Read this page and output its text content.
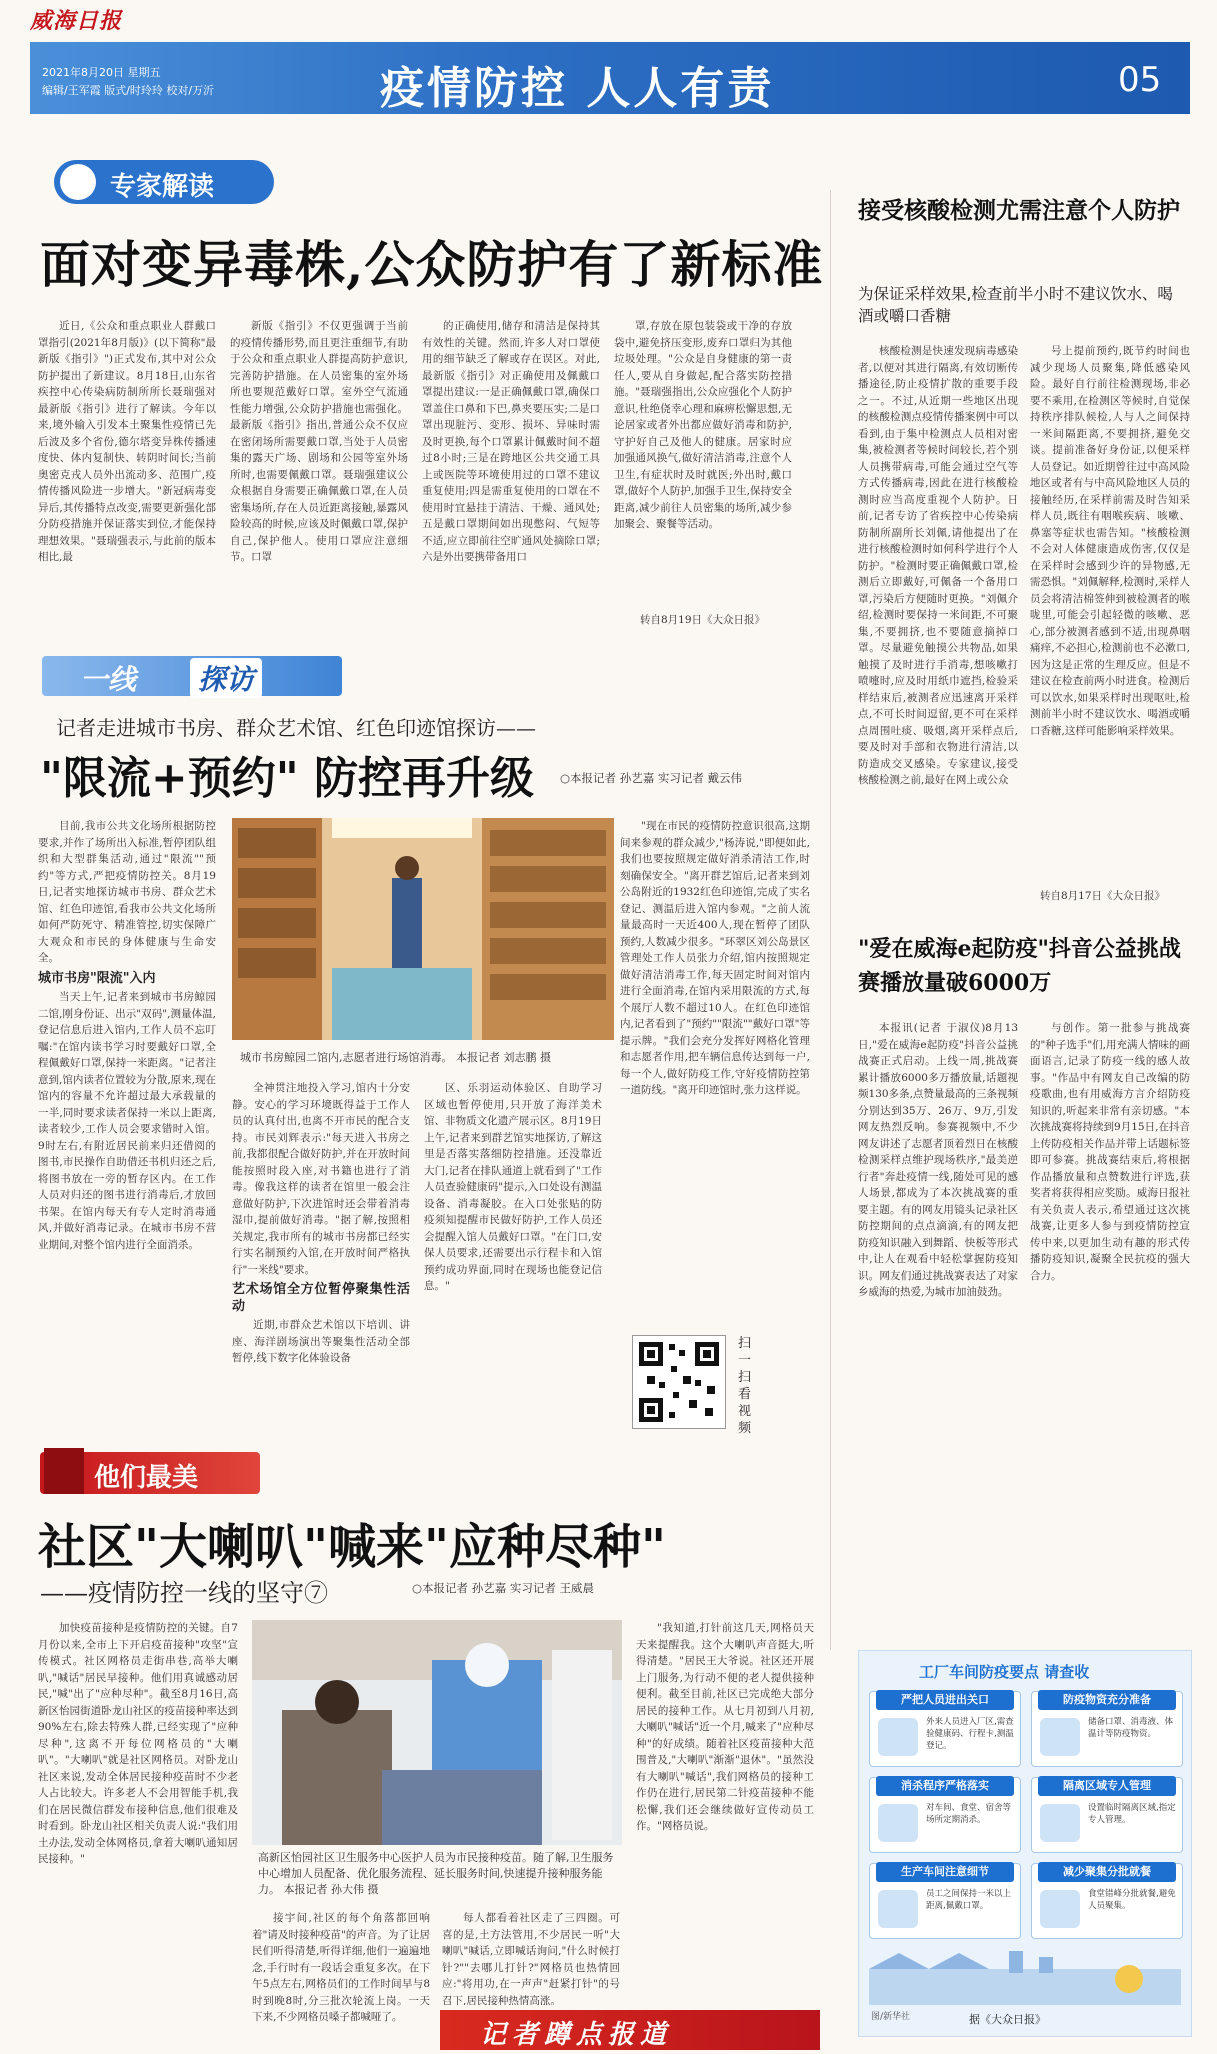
威海日报
2021年8月20日 星期五
编辑/王军霞 版式/时玲玲 校对/万沂	疫情防控 人人有责	05
专家解读
面对变异毒株,公众防护有了新标准

近日,《公众和重点职业人群戴口罩指引(2021年8月版)》(以下简称"最新版《指引》")正式发布,其中对公众防护提出了新建议。8月18日,山东省疾控中心传染病防制所所长聂瑞强对最新版《指引》进行了解读。今年以来,境外输入引发本土聚集性疫情已先后波及多个省份,德尔塔变异株传播速度快、体内复制快、转阴时间长;当前奥密克戎人员外出流动多、范围广,疫情传播风险进一步增大。"新冠病毒变异后,其传播特点改变,需要更新强化部分防疫措施并保证落实到位,才能保持理想效果。"聂瑞强表示,与此前的版本相比,最

新版《指引》不仅更强调于当前的疫情传播形势,而且更注重细节,有助于公众和重点职业人群提高防护意识,完善防护措施。在人员密集的室外场所也要规范戴好口罩。室外空气流通性能力增强,公众防护措施也需强化。最新版《指引》指出,普通公众不仅应在密闭场所需要戴口罩,当处于人员密集的露天广场、剧场和公园等室外场所时,也需要佩戴口罩。聂瑞强建议公众根据自身需要正确佩戴口罩,在人员密集场所,存在人员近距离接触,暴露风险较高的时候,应该及时佩戴口罩,保护自己,保护他人。使用口罩应注意细节。口罩

的正确使用,储存和清洁是保持其有效性的关键。然而,许多人对口罩使用的细节缺乏了解或存在误区。对此,最新版《指引》对正确使用及佩戴口罩提出建议:一是正确佩戴口罩,确保口罩盖住口鼻和下巴,鼻夹要压实;二是口罩出现脏污、变形、损坏、异味时需及时更换,每个口罩累计佩戴时间不超过8小时;三是在跨地区公共交通工具上或医院等环境使用过的口罩不建议重复使用;四是需重复使用的口罩在不使用时宜悬挂于清洁、干燥、通风处;五是戴口罩期间如出现憋闷、气短等不适,应立即前往空旷通风处摘除口罩;六是外出要携带备用口

罩,存放在原包装袋或干净的存放袋中,避免挤压变形,废弃口罩归为其他垃圾处理。"公众是自身健康的第一责任人,要从自身做起,配合落实防控措施。"聂瑞强指出,公众应强化个人防护意识,杜绝侥幸心理和麻痹松懈思想,无论居家或者外出都应做好消毒和防护,守护好自己及他人的健康。居家时应加强通风换气,做好清洁消毒,注意个人卫生,有症状时及时就医;外出时,戴口罩,做好个人防护,加强手卫生,保持安全距离,减少前往人员密集的场所,减少参加聚会、聚餐等活动。

转自8月19日《大众日报》
接受核酸检测尤需注意个人防护
为保证采样效果,检查前半小时不建议饮水、喝酒或嚼口香糖

核酸检测是快速发现病毒感染者,以便对其进行隔离,有效切断传播途径,防止疫情扩散的重要手段之一。不过,从近期一些地区出现的核酸检测点疫情传播案例中可以看到,由于集中检测点人员相对密集,被检测者等候时间较长,若个别人员携带病毒,可能会通过空气等方式传播病毒,因此在进行核酸检测时应当高度重视个人防护。日前,记者专访了省疾控中心传染病防制所副所长刘佩,请他提出了在进行核酸检测时如何科学进行个人防护。"检测时要正确佩戴口罩,检测后立即戴好,可佩备一个备用口罩,污染后方便随时更换。"刘佩介绍,检测时要保持一米间距,不可聚集,不要拥挤,也不要随意摘掉口罩。尽量避免触摸公共物品,如果触摸了及时进行手消毒,想咳嗽打喷嚏时,应及时用纸巾遮挡,检验采样结束后,被测者应迅速离开采样点,不可长时间逗留,更不可在采样点周围吐痰、吸烟,离开采样点后,要及时对手部和衣物进行清洁,以防造成交叉感染。专家建议,接受核酸检测之前,最好在网上或公众

号上提前预约,既节约时间也减少现场人员聚集,降低感染风险。最好自行前往检测现场,非必要不乘用,在检测区等候时,自觉保持秩序排队候检,人与人之间保持一米间隔距离,不要拥挤,避免交谈。提前准备好身份证,以便采样人员登记。如近期曾往过中高风险地区或者有与中高风险地区人员的接触经历,在采样前需及时告知采样人员,既往有咽喉疾病、咳嗽、鼻塞等症状也需告知。"核酸检测不会对人体健康造成伤害,仅仅是在采样时会感到少许的异物感,无需恐惧。"刘佩解释,检测时,采样人员会将清洁棉签伸到被检测者的喉咙里,可能会引起轻微的咳嗽、恶心,部分被测者感到不适,出现鼻咽痛痒,不必担心,检测前也不必漱口,因为这是正常的生理反应。但是不建议在检查前两小时进食。检测后可以饮水,如果采样时出现呕吐,检测前半小时不建议饮水、喝酒或嚼口香糖,这样可能影响采样效果。

转自8月17日《大众日报》
"爱在威海e起防疫"抖音公益挑战赛播放量破6000万

本报讯(记者 于淑仪)8月13日,"爱在威海e起防疫"抖音公益挑战赛正式启动。上线一周,挑战赛累计播放6000多万播放量,话题视频130多条,点赞量最高的三条视频分别达到35万、26万、9万,引发网友热烈反响。参赛视频中,不少网友讲述了志愿者顶着烈日在核酸检测采样点维护现场秩序,"最美逆行者"奔赴疫情一线,随处可见的感人场景,都成为了本次挑战赛的重要主题。有的网友用镜头记录社区防控期间的点点滴滴,有的网友把防疫知识融入到舞蹈、快板等形式中,让人在观看中轻松掌握防疫知识。网友们通过挑战赛表达了对家乡威海的热爱,为城市加油鼓劲。

与创作。第一批参与挑战赛的"种子选手"们,用充满人情味的画面语言,记录了防疫一线的感人故事。"作品中有网友自己改编的防疫歌曲,也有用威海方言介绍防疫知识的,听起来非常有亲切感。"本次挑战赛将持续到9月15日,在抖音上传防疫相关作品并带上话题标签即可参赛。挑战赛结束后,将根据作品播放量和点赞数进行评选,获奖者将获得相应奖励。威海日报社有关负责人表示,希望通过这次挑战赛,让更多人参与到疫情防控宣传中来,以更加生动有趣的形式传播防疫知识,凝聚全民抗疫的强大合力。

一线 探访
记者走进城市书房、群众艺术馆、红色印迹馆探访——
"限流+预约" 防控再升级 ○本报记者 孙艺嘉 实习记者 戴云伟

目前,我市公共文化场所根据防控要求,并作了场所出入标准,暂停团队组织和大型群集活动,通过"限流""预约"等方式,严把疫情防控关。8月19日,记者实地探访城市书房、群众艺术馆、红色印迹馆,看我市公共文化场所如何严防死守、精准管控,切实保障广大观众和市民的身体健康与生命安全。

城市书房"限流"入内

当天上午,记者来到城市书房鲸园二馆,刚身份证、出示"双码",测量体温,登记信息后进入馆内,工作人员不忘叮嘱:"在馆内读书学习时要戴好口罩,全程佩戴好口罩,保持一米距离。"记者注意到,馆内读者位置较为分散,原来,现在馆内的容量不允许超过最大承载量的一半,同时要求读者保持一米以上距离,读者较少,工作人员会要求错时入馆。9时左右,有附近居民前来归还借阅的图书,市民操作自助借还书机归还之后,将图书放在一旁的暂存区内。在工作人员对归还的图书进行消毒后,才放回书架。在馆内每天有专人定时消毒通风,并做好消毒记录。在城市书房不营业期间,对整个馆内进行全面消杀。

城市书房鲸园二馆内,志愿者进行场馆消毒。 本报记者 刘志鹏 摄

全神贯注地投入学习,馆内十分安静。安心的学习环境既得益于工作人员的认真付出,也离不开市民的配合支持。市民刘辉表示:"每天进入书房之前,我都很配合做好防护,并在开放时间能按照时段入座,对书籍也进行了消毒。像我这样的读者在馆里一般会注意做好防护,下次进馆时还会带着消毒湿巾,提前做好消毒。"据了解,按照相关规定,我市所有的城市书房都已经实行实名制预约入馆,在开放时间严格执行"一米线"要求。

艺术场馆全方位暂停聚集性活动

近期,市群众艺术馆以下培训、讲座、海洋剧场演出等聚集性活动全部暂停,线下数字化体验设备

区、乐羽运动体验区、自助学习区域也暂停使用,只开放了海洋美术馆、非物质文化遗产展示区。8月19日上午,记者来到群艺馆实地探访,了解这里是否落实落细防控措施。还没靠近大门,记者在排队通道上就看到了"工作人员查验健康码"提示,入口处设有测温设备、消毒凝胶。在入口处张贴的防疫须知提醒市民做好防护,工作人员还会提醒入馆人员戴好口罩。"在门口,安保人员要求,还需要出示行程卡和入馆预约成功界面,同时在现场也能登记信息。"

"现在市民的疫情防控意识很高,这期间来参观的群众减少,"杨涛说,"即便如此,我们也要按照规定做好消杀清洁工作,时刻确保安全。"离开群艺馆后,记者来到刘公岛附近的1932红色印迹馆,完成了实名登记、测温后进入馆内参观。"之前人流量最高时一天近400人,现在暂停了团队预约,人数减少很多。"环翠区刘公岛景区管理处工作人员张力介绍,馆内按照规定做好清洁消毒工作,每天固定时间对馆内进行全面消毒,在馆内采用限流的方式,每个展厅人数不超过10人。在红色印迹馆内,记者看到了"预约""限流""戴好口罩"等提示牌。"我们会充分发挥好网格化管理和志愿者作用,把车辆信息传达到每一户,每一个人,做好防疫工作,守好疫情防控第一道防线。"离开印迹馆时,张力这样说。

扫一扫看视频
他们最美
社区"大喇叭"喊来"应种尽种"
——疫情防控一线的坚守⑦	○本报记者 孙艺嘉 实习记者 王威晨

加快疫苗接种是疫情防控的关键。自7月份以来,全市上下开启疫苗接种"攻坚"宣传模式。社区网格员走街串巷,高举大喇叭,"喊话"居民早接种。他们用真诚感动居民,"喊"出了"应种尽种"。截至8月16日,高新区怡园街道卧龙山社区的疫苗接种率达到90%左右,除去特殊人群,已经实现了"应种尽种",这离不开每位网格员的"大喇叭"。"大喇叭"就是社区网格员。对卧龙山社区来说,发动全体居民接种疫苗时不少老人占比较大。许多老人不会用智能手机,我们在居民微信群发布接种信息,他们很难及时看到。卧龙山社区相关负责人说:"我们用土办法,发动全体网格员,拿着大喇叭通知居民接种。"	高新区怡园社区卫生服务中心医护人员为市民接种疫苗。随了解,卫生服务中心增加人员配备、优化服务流程、延长服务时间,快速提升接种服务能力。 本报记者 孙大伟 摄

接宇间,社区的每个角落都回响着"请及时接种疫苗"的声音。为了让居民们听得清楚,听得详细,他们一遍遍地念,手行时有一段话会重复多次。在下午5点左右,网格员们的工作时间早与8时到晚8时,分三批次轮流上岗。一天下来,不少网格员嗓子都喊哑了。

每人都看着社区走了三四圈。可喜的是,土方法管用,不少居民一听"大喇叭"喊话,立即喊话询问,"什么时候打针?""去哪儿打针?"网格员也热情回应:"将用功,在一声声"赶紧打针"的号召下,居民接种热情高涨。

"我知道,打针前这几天,网格员天天来提醒我。这个大喇叭声音挺大,听得清楚。"居民王大爷说。社区还开展上门服务,为行动不便的老人提供接种便利。截至目前,社区已完成绝大部分居民的接种工作。从七月初到八月初,大喇叭"喊话"近一个月,喊来了"应种尽种"的好成绩。随着社区疫苗接种大范围普及,"大喇叭"渐渐"退休"。"虽然没有大喇叭"喊话",我们网格员的接种工作仍在进行,居民第二针疫苗接种不能松懈,我们还会继续做好宣传动员工作。"网格员说。

记者蹲点报道
工厂车间防疫要点 请查收
严把人员进出关口
外来人员进入厂区,需查验健康码、行程卡,测温登记。
防疫物资充分准备
储备口罩、消毒液、体温计等防疫物资。
消杀程序严格落实
对车间、食堂、宿舍等场所定期消杀。
隔离区域专人管理
设置临时隔离区域,指定专人管理。
生产车间注意细节
员工之间保持一米以上距离,佩戴口罩。
减少聚集分批就餐
食堂错峰分批就餐,避免人员聚集。
图/新华社	据《大众日报》
